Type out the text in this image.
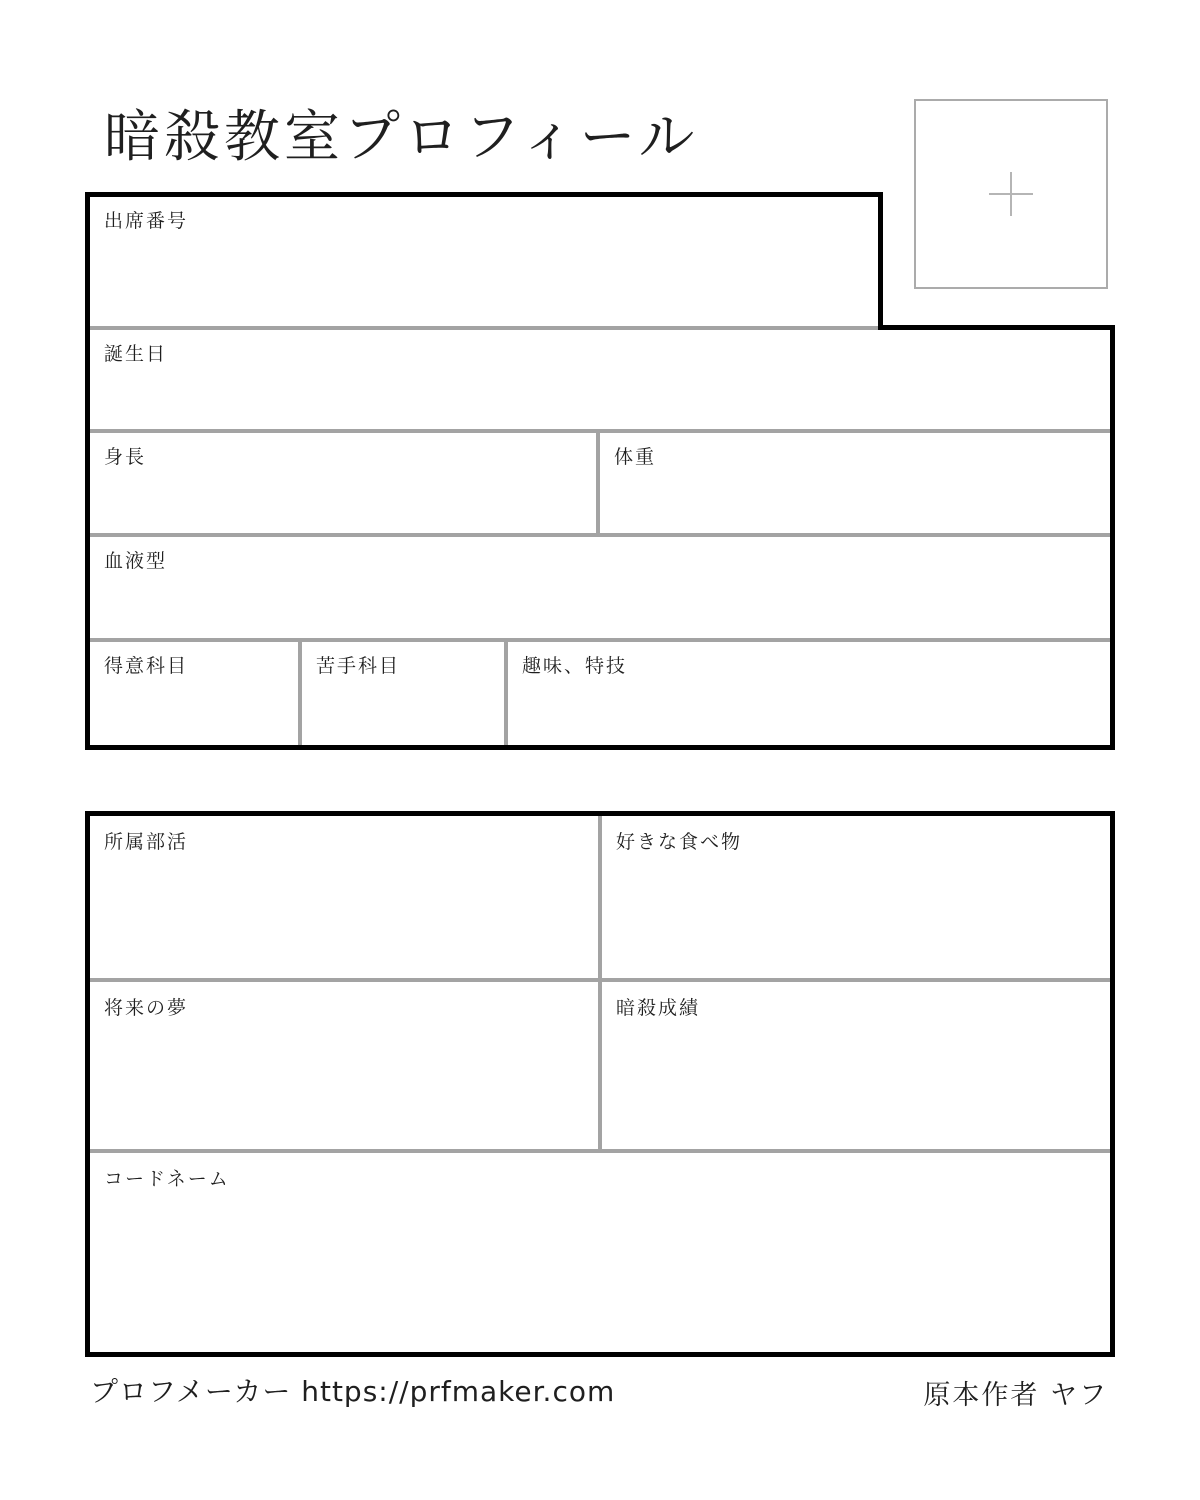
暗殺教室プロフィール
出席番号
誕生日
身長	体重
血液型
得意科目	苦手科目	趣味、特技
所属部活	好きな食べ物
将来の夢	暗殺成績
コードネーム
プロフメーカー https://prfmaker.com	原本作者 ヤフ
